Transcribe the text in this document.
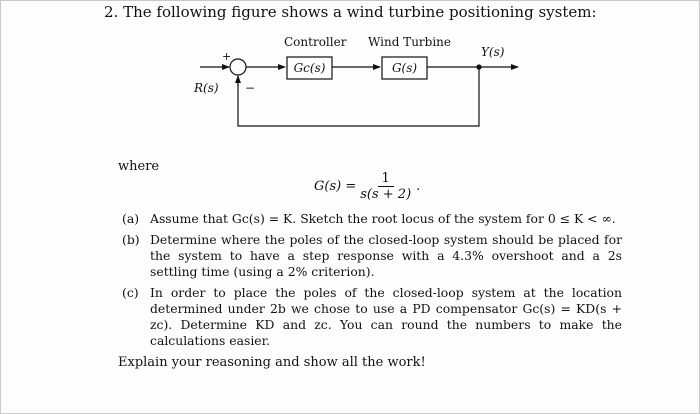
2. The following figure shows a wind turbine positioning system:
+
−
R(s)
Controller
Gc(s)
Wind Turbine
G(s)
Y(s)
where
$G(s) = \frac{1}{s(s + 2)}$ .
(a) Assume that Gc(s) = K. Sketch the root locus of the system for 0 ≤ K < ∞.
(b) Determine where the poles of the closed-loop system should be placed for the system to have a step response with a 4.3% overshoot and a 2s settling time (using a 2% criterion).
(c) In order to place the poles of the closed-loop system at the location determined under 2b we chose to use a PD compensator Gc(s) = KD(s + zc). Determine KD and zc. You can round the numbers to make the calculations easier.
Explain your reasoning and show all the work!
